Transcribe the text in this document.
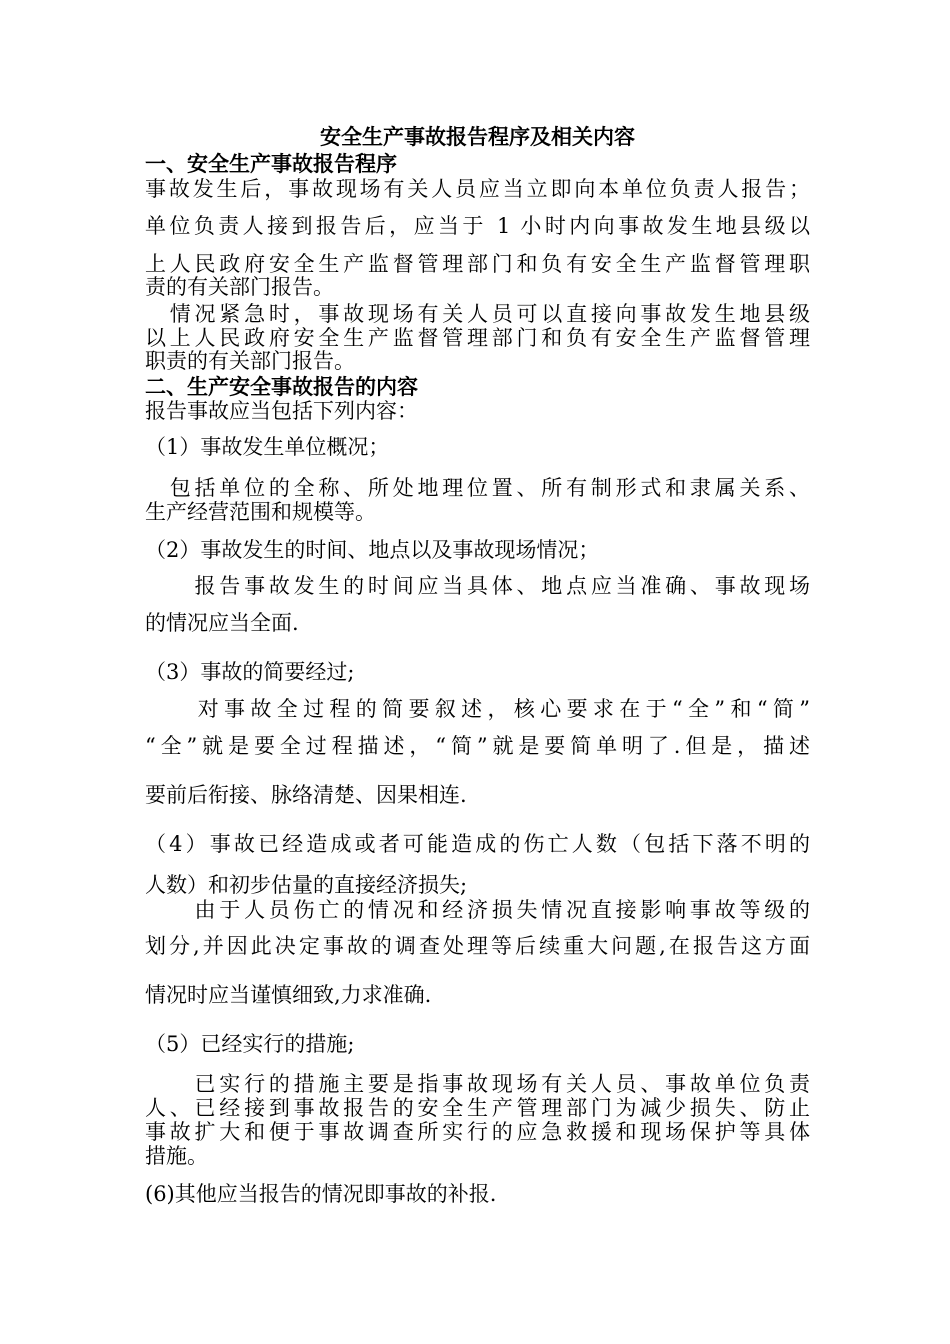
安全生产事故报告程序及相关内容

一、安全生产事故报告程序

事故发生后，事故现场有关人员应当立即向本单位负责人报告；

单位负责人接到报告后，应当于 1 小时内向事故发生地县级以

上人民政府安全生产监督管理部门和负有安全生产监督管理职

责的有关部门报告。

　情况紧急时，事故现场有关人员可以直接向事故发生地县级

以上人民政府安全生产监督管理部门和负有安全生产监督管理

职责的有关部门报告。

二、生产安全事故报告的内容

报告事故应当包括下列内容：

（1）事故发生单位概况；

　包括单位的全称、所处地理位置、所有制形式和隶属关系、

生产经营范围和规模等。

（2）事故发生的时间、地点以及事故现场情况；

　　报告事故发生的时间应当具体、地点应当准确、事故现场

的情况应当全面.

（3）事故的简要经过;

　　对事故全过程的简要叙述，核心要求在于“全”和“简”

“全”就是要全过程描述，“简”就是要简单明了.但是，描述

要前后衔接、脉络清楚、因果相连.

（4）事故已经造成或者可能造成的伤亡人数（包括下落不明的

人数）和初步估量的直接经济损失;

　　由于人员伤亡的情况和经济损失情况直接影响事故等级的

划分,并因此决定事故的调查处理等后续重大问题,在报告这方面

情况时应当谨慎细致,力求准确.

（5）已经实行的措施;

　　已实行的措施主要是指事故现场有关人员、事故单位负责

人、已经接到事故报告的安全生产管理部门为减少损失、防止

事故扩大和便于事故调查所实行的应急救援和现场保护等具体

措施。

(6)其他应当报告的情况即事故的补报.
